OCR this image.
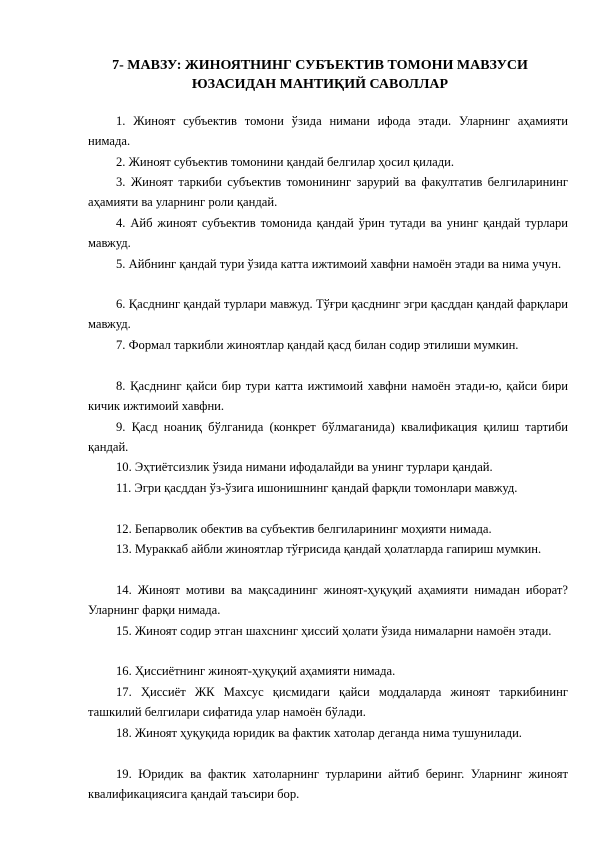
7- МАВЗУ: ЖИНОЯТНИНГ СУБЪЕКТИВ ТОМОНИ МАВЗУСИ
ЮЗАСИДАН МАНТИҚИЙ САВОЛЛАР

1. Жиноят субъектив томони ўзида нимани ифода этади. Уларнинг аҳамияти нимада.

2. Жиноят субъектив томонини қандай белгилар ҳосил қилади.

3. Жиноят таркиби субъектив томонининг зарурий ва факултатив белгиларининг аҳамияти ва уларнинг роли қандай.

4. Айб жиноят субъектив томонида қандай ўрин тутади ва унинг қандай турлари мавжуд.

5. Айбнинг қандай тури ўзида катта ижтимоий хавфни намоён этади ва нима учун.

6. Қасднинг қандай турлари мавжуд. Тўғри қасднинг эгри қасддан қандай фарқлари мавжуд.

7. Формал таркибли жиноятлар қандай қасд билан содир этилиши мумкин.

8. Қасднинг қайси бир тури катта ижтимоий хавфни намоён этади-ю, қайси бири кичик ижтимоий хавфни.

9. Қасд ноаниқ бўлганида (конкрет бўлмаганида) квалификация қилиш тартиби қандай.

10. Эҳтиётсизлик ўзида нимани ифодалайди ва унинг турлари қандай.

11. Эгри қасддан ўз-ўзига ишонишнинг қандай фарқли томонлари мавжуд.

12. Бепарволик обектив ва субъектив белгиларининг моҳияти нимада.

13. Мураккаб айбли жиноятлар тўғрисида қандай ҳолатларда гапириш мумкин.

14. Жиноят мотиви ва мақсадининг жиноят-ҳуқуқий аҳамияти нимадан иборат? Уларнинг фарқи нимада.

15. Жиноят содир этган шахснинг ҳиссий ҳолати ўзида нималарни намоён этади.

16. Ҳиссиётнинг жиноят-ҳуқуқий аҳамияти нимада.

17. Ҳиссиёт ЖК Махсус қисмидаги қайси моддаларда жиноят таркибининг ташкилий белгилари сифатида улар намоён бўлади.

18. Жиноят ҳуқуқида юридик ва фактик хатолар деганда нима тушунилади.

19. Юридик ва фактик хатоларнинг турларини айтиб беринг. Уларнинг жиноят квалификациясига қандай таъсири бор.
